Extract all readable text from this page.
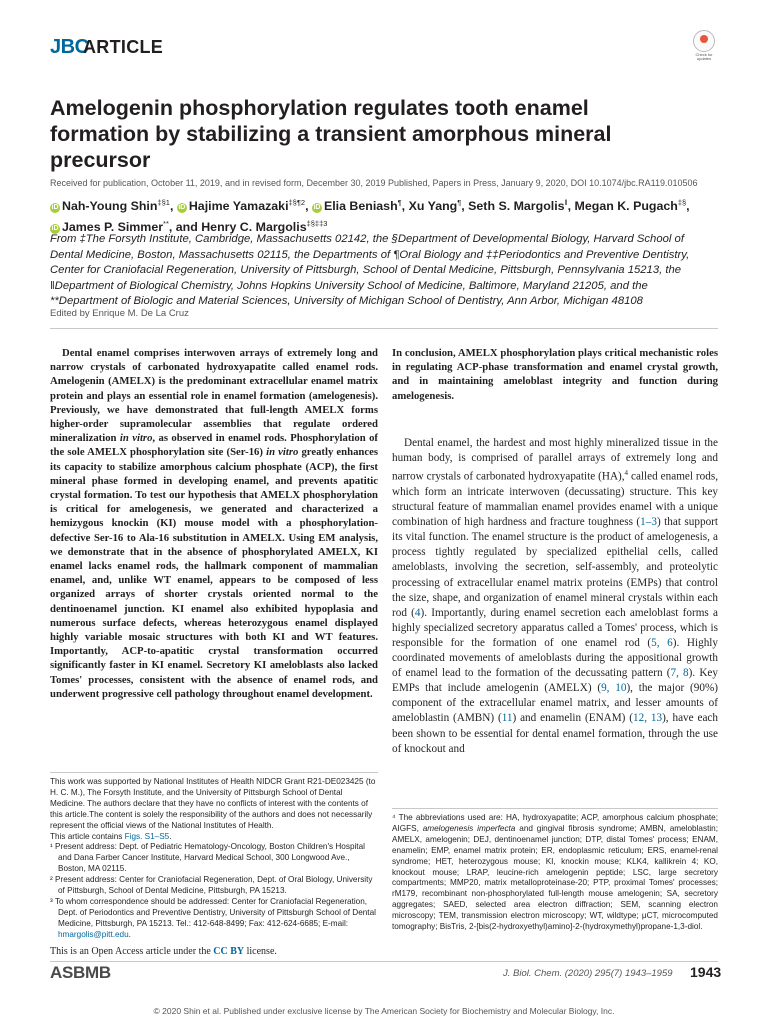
JBC
ARTICLE	Check for updates
Amelogenin phosphorylation regulates tooth enamel formation by stabilizing a transient amorphous mineral precursor
Received for publication, October 11, 2019, and in revised form, December 30, 2019 Published, Papers in Press, January 9, 2020, DOI 10.1074/jbc.RA119.010506
iD Nah-Young Shin$^{\ddagger\S 1}$, iD Hajime Yamazaki$^{\ddagger\S\P 2}$, iD Elia Beniash¶, Xu Yang¶, Seth S. Margolis‖, Megan K. Pugach‡§,
iD James P. Simmer**, and Henry C. Margolis$^{\ddagger\S\ddagger\ddagger 3}$
From ‡The Forsyth Institute, Cambridge, Massachusetts 02142, the §Department of Developmental Biology, Harvard School of Dental Medicine, Boston, Massachusetts 02115, the Departments of ¶Oral Biology and ‡‡Periodontics and Preventive Dentistry, Center for Craniofacial Regeneration, University of Pittsburgh, School of Dental Medicine, Pittsburgh, Pennsylvania 15213, the ‖Department of Biological Chemistry, Johns Hopkins University School of Medicine, Baltimore, Maryland 21205, and the **Department of Biologic and Material Sciences, University of Michigan School of Dentistry, Ann Arbor, Michigan 48108
Edited by Enrique M. De La Cruz
Dental enamel comprises interwoven arrays of extremely long and narrow crystals of carbonated hydroxyapatite called enamel rods. Amelogenin (AMELX) is the predominant extracellular enamel matrix protein and plays an essential role in enamel formation (amelogenesis). Previously, we have demonstrated that full-length AMELX forms higher-order supramolecular assemblies that regulate ordered mineralization in vitro, as observed in enamel rods. Phosphorylation of the sole AMELX phosphorylation site (Ser-16) in vitro greatly enhances its capacity to stabilize amorphous calcium phosphate (ACP), the first mineral phase formed in developing enamel, and prevents apatitic crystal formation. To test our hypothesis that AMELX phosphorylation is critical for amelogenesis, we generated and characterized a hemizygous knockin (KI) mouse model with a phosphorylation-defective Ser-16 to Ala-16 substitution in AMELX. Using EM analysis, we demonstrate that in the absence of phosphorylated AMELX, KI enamel lacks enamel rods, the hallmark component of mammalian enamel, and, unlike WT enamel, appears to be composed of less organized arrays of shorter crystals oriented normal to the dentinoenamel junction. KI enamel also exhibited hypoplasia and numerous surface defects, whereas heterozygous enamel displayed highly variable mosaic structures with both KI and WT features. Importantly, ACP-to-apatitic crystal transformation occurred significantly faster in KI enamel. Secretory KI ameloblasts also lacked Tomes' processes, consistent with the absence of enamel rods, and underwent progressive cell pathology throughout enamel development.
In conclusion, AMELX phosphorylation plays critical mechanistic roles in regulating ACP-phase transformation and enamel crystal growth, and in maintaining ameloblast integrity and function during amelogenesis.
Dental enamel, the hardest and most highly mineralized tissue in the human body, is comprised of parallel arrays of extremely long and narrow crystals of carbonated hydroxyapatite (HA),$^4$ called enamel rods, which form an intricate interwoven (decussating) structure. This key structural feature of mammalian enamel provides enamel with a unique combination of high hardness and fracture toughness (1–3) that support its vital function. The enamel structure is the product of amelogenesis, a process tightly regulated by specialized epithelial cells, called ameloblasts, involving the secretion, self-assembly, and proteolytic processing of extracellular enamel matrix proteins (EMPs) that control the size, shape, and organization of enamel mineral crystals within each rod (4). Importantly, during enamel secretion each ameloblast forms a highly specialized secretory apparatus called a Tomes' process, which is responsible for the formation of one enamel rod (5, 6). Highly coordinated movements of ameloblasts during the appositional growth of enamel lead to the formation of the decussating pattern (7, 8). Key EMPs that include amelogenin (AMELX) (9, 10), the major (90%) component of the extracellular enamel matrix, and lesser amounts of ameloblastin (AMBN) (11) and enamelin (ENAM) (12, 13), have each been shown to be essential for dental enamel formation, through the use of knockout and

This work was supported by National Institutes of Health NIDCR Grant R21-DE023425 (to H. C. M.), The Forsyth Institute, and the University of Pittsburgh School of Dental Medicine. The authors declare that they have no conflicts of interest with the contents of this article.The content is solely the responsibility of the authors and does not necessarily represent the official views of the National Institutes of Health.

This article contains Figs. S1–S5.

¹ Present address: Dept. of Pediatric Hematology-Oncology, Boston Children's Hospital and Dana Farber Cancer Institute, Harvard Medical School, 300 Longwood Ave., Boston, MA 02115.

² Present address: Center for Craniofacial Regeneration, Dept. of Oral Biology, University of Pittsburgh, School of Dental Medicine, Pittsburgh, PA 15213.

³ To whom correspondence should be addressed: Center for Craniofacial Regeneration, Dept. of Periodontics and Preventive Dentistry, University of Pittsburgh School of Dental Medicine, Pittsburgh, PA 15213. Tel.: 412-648-8499; Fax: 412-624-6685; E-mail: hmargolis@pitt.edu.

⁴ The abbreviations used are: HA, hydroxyapatite; ACP, amorphous calcium phosphate; AIGFS, amelogenesis imperfecta and gingival fibrosis syndrome; AMBN, ameloblastin; AMELX, amelogenin; DEJ, dentinoenamel junction; DTP, distal Tomes' process; ENAM, enamelin; EMP, enamel matrix protein; ER, endoplasmic reticulum; ERS, enamel-renal syndrome; HET, heterozygous mouse; KI, knockin mouse; KLK4, kallikrein 4; KO, knockout mouse; LRAP, leucine-rich amelogenin peptide; LSC, large secretory compartments; MMP20, matrix metalloproteinase-20; PTP, proximal Tomes' processes; rM179, recombinant non-phosphorylated full-length mouse amelogenin; SA, secretory aggregates; SAED, selected area electron diffraction; SEM, scanning electron microscopy; TEM, transmission electron microscopy; WT, wildtype; μCT, microcomputed tomography; BisTris, 2-[bis(2-hydroxyethyl)amino]-2-(hydroxymethyl)propane-1,3-diol.
This is an Open Access article under the CC BY license.
ASBMB	J. Biol. Chem. (2020) 295(7) 1943–1959 1943
© 2020 Shin et al. Published under exclusive license by The American Society for Biochemistry and Molecular Biology, Inc.
